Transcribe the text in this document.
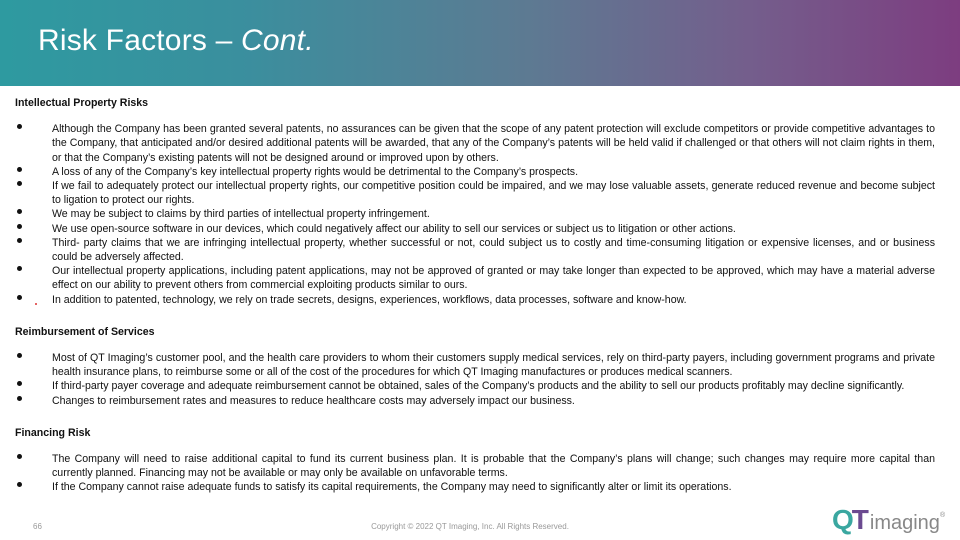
Risk Factors – Cont.
Intellectual Property Risks
Although the Company has been granted several patents, no assurances can be given that the scope of any patent protection will exclude competitors or provide competitive advantages to the Company, that anticipated and/or desired additional patents will be awarded, that any of the Company’s patents will be held valid if challenged or that others will not claim rights in them, or that the Company’s existing patents will not be designed around or improved upon by others.
A loss of any of the Company’s key intellectual property rights would be detrimental to the Company’s prospects.
If we fail to adequately protect our intellectual property rights, our competitive position could be impaired, and we may lose valuable assets, generate reduced revenue and become subject to ligation to protect our rights.
We may be subject to claims by third parties of intellectual property infringement.
We use open-source software in our devices, which could negatively affect our ability to sell our services or subject us to litigation or other actions.
Third- party claims that we are infringing intellectual property, whether successful or not, could subject us to costly and time-consuming litigation or expensive licenses, and or business could be adversely affected.
Our intellectual property applications, including patent applications, may not be approved of granted or may take longer than expected to be approved, which may have a material adverse effect on our ability to prevent others from commercial exploiting products similar to ours.
In addition to patented, technology, we rely on trade secrets, designs, experiences, workflows, data processes, software and know-how.
Reimbursement of Services
Most of QT Imaging’s customer pool, and the health care providers to whom their customers supply medical services, rely on third-party payers, including government programs and private health insurance plans, to reimburse some or all of the cost of the procedures for which QT Imaging manufactures or produces medical scanners.
If third-party payer coverage and adequate reimbursement cannot be obtained, sales of the Company’s products and the ability to sell our products profitably may decline significantly.
Changes to reimbursement rates and measures to reduce healthcare costs may adversely impact our business.
Financing Risk
The Company will need to raise additional capital to fund its current business plan. It is probable that the Company’s plans will change; such changes may require more capital than currently planned. Financing may not be available or may only be available on unfavorable terms.
If the Company cannot raise adequate funds to satisfy its capital requirements, the Company may need to significantly alter or limit its operations.
66	Copyright © 2022 QT Imaging, Inc. All Rights Reserved.	Q
T imaging ®
